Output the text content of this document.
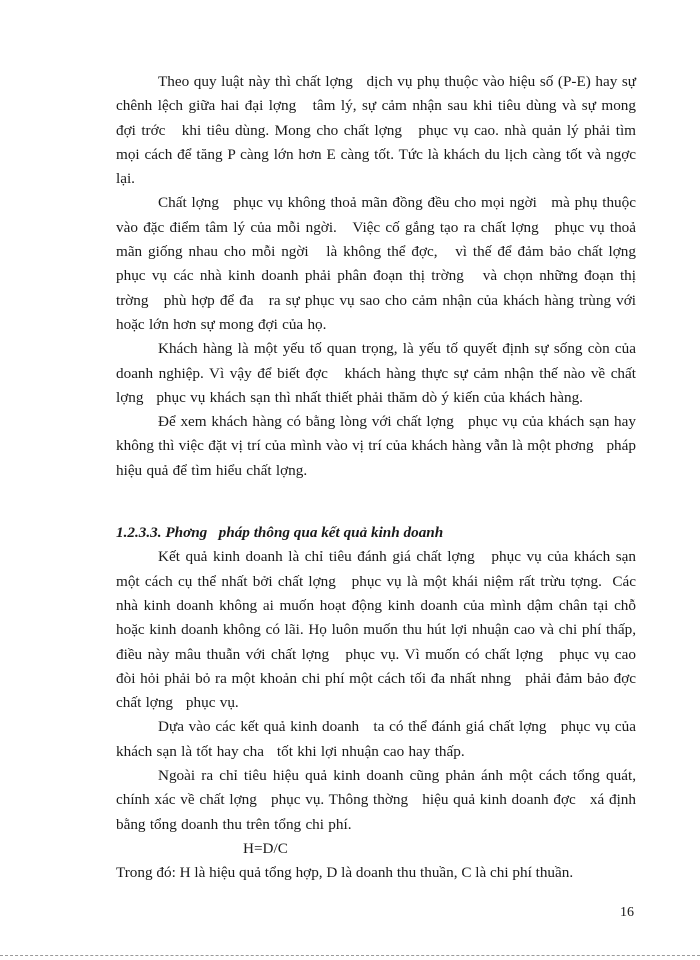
Theo quy luật này thì chất lợng   dịch vụ phụ thuộc vào hiệu số (P-E) hay sự chênh lệch giữa hai đại lợng   tâm lý, sự cảm nhận sau khi tiêu dùng và sự mong đợi trớc   khi tiêu dùng. Mong cho chất lợng   phục vụ cao. nhà quản lý phải tìm mọi cách để tăng P càng lớn hơn E càng tốt. Tức là khách du lịch càng tốt và ngợc   lại.

Chất lợng   phục vụ không thoả mãn đồng đều cho mọi ngời   mà phụ thuộc vào đặc điểm tâm lý của mỗi ngời.   Việc cố gắng tạo ra chất lợng   phục vụ thoả mãn giống nhau cho mỗi ngời   là không thể đợc,   vì thế để đảm bảo chất lợng   phục vụ các nhà kinh doanh phải phân đoạn thị trờng   và chọn những đoạn thị trờng   phù hợp để đa   ra sự phục vụ sao cho cảm nhận của khách hàng trùng với hoặc lớn hơn sự mong đợi của họ.

Khách hàng là một yếu tố quan trọng, là yếu tố quyết định sự sống còn của doanh nghiệp. Vì vậy để biết đợc   khách hàng thực sự cảm nhận thế nào về chất lợng   phục vụ khách sạn thì nhất thiết phải thăm dò ý kiến của khách hàng.

Để xem khách hàng có bằng lòng với chất lợng   phục vụ của khách sạn hay không thì việc đặt vị trí của mình vào vị trí của khách hàng vẫn là một phơng   pháp hiệu quả để tìm hiểu chất lợng.

1.2.3.3. Phơng   pháp thông qua kết quả kinh doanh

Kết quả kinh doanh là chỉ tiêu đánh giá chất lợng   phục vụ của khách sạn một cách cụ thể nhất bởi chất lợng   phục vụ là một khái niệm rất trừu tợng.  Các nhà kinh doanh không ai muốn hoạt động kinh doanh của mình dậm chân tại chỗ hoặc kinh doanh không có lãi. Họ luôn muốn thu hút lợi nhuận cao và chi phí thấp, điều này mâu thuẫn với chất lợng   phục vụ. Vì muốn có chất lợng   phục vụ cao đòi hỏi phải bỏ ra một khoản chi phí một cách tối đa nhất nhng   phải đảm bảo đợc   chất lợng   phục vụ.

Dựa vào các kết quả kinh doanh   ta có thể đánh giá chất lợng   phục vụ của khách sạn là tốt hay cha   tốt khi lợi nhuận cao hay thấp.

Ngoài ra chỉ tiêu hiệu quả kinh doanh cũng phản ánh một cách tổng quát, chính xác về chất lợng   phục vụ. Thông thờng   hiệu quả kinh doanh đợc   xá định bằng tổng doanh thu trên tổng chi phí.

H=D/C

Trong đó: H là hiệu quả tổng hợp, D là doanh thu thuần, C là chi phí thuần.

16
